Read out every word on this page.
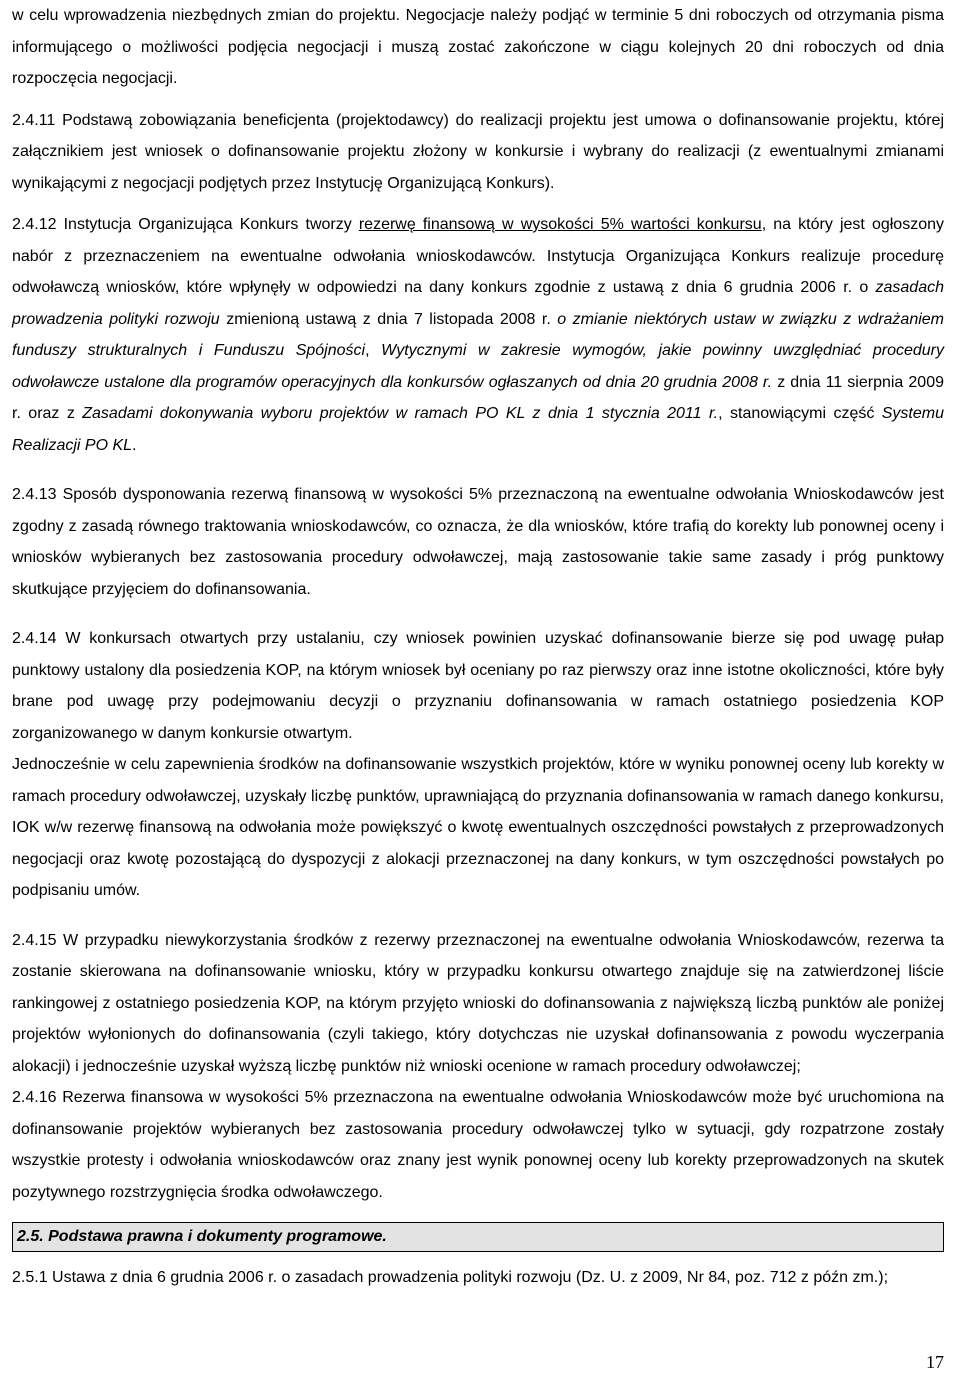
w celu wprowadzenia niezbędnych zmian do projektu. Negocjacje należy podjąć w terminie 5 dni roboczych od otrzymania pisma informującego o możliwości podjęcia negocjacji i muszą zostać zakończone w ciągu kolejnych 20 dni roboczych od dnia rozpoczęcia negocjacji.

2.4.11 Podstawą zobowiązania beneficjenta (projektodawcy) do realizacji projektu jest umowa o dofinansowanie projektu, której załącznikiem jest wniosek o dofinansowanie projektu złożony w konkursie i wybrany do realizacji (z ewentualnymi zmianami wynikającymi z negocjacji podjętych przez Instytucję Organizującą Konkurs).

2.4.12 Instytucja Organizująca Konkurs tworzy rezerwę finansową w wysokości 5% wartości konkursu, na który jest ogłoszony nabór z przeznaczeniem na ewentualne odwołania wnioskodawców. Instytucja Organizująca Konkurs realizuje procedurę odwoławczą wniosków, które wpłynęły w odpowiedzi na dany konkurs zgodnie z ustawą z dnia 6 grudnia 2006 r. o zasadach prowadzenia polityki rozwoju zmienioną ustawą z dnia 7 listopada 2008 r. o zmianie niektórych ustaw w związku z wdrażaniem funduszy strukturalnych i Funduszu Spójności, Wytycznymi w zakresie wymogów, jakie powinny uwzględniać procedury odwoławcze ustalone dla programów operacyjnych dla konkursów ogłaszanych od dnia 20 grudnia 2008 r. z dnia 11 sierpnia 2009 r. oraz z Zasadami dokonywania wyboru projektów w ramach PO KL z dnia 1 stycznia 2011 r., stanowiącymi część Systemu Realizacji PO KL.

2.4.13 Sposób dysponowania rezerwą finansową w wysokości 5% przeznaczoną na ewentualne odwołania Wnioskodawców jest zgodny z zasadą równego traktowania wnioskodawców, co oznacza, że dla wniosków, które trafią do korekty lub ponownej oceny i wniosków wybieranych bez zastosowania procedury odwoławczej, mają zastosowanie takie same zasady i próg punktowy skutkujące przyjęciem do dofinansowania.

2.4.14 W konkursach otwartych przy ustalaniu, czy wniosek powinien uzyskać dofinansowanie bierze się pod uwagę pułap punktowy ustalony dla posiedzenia KOP, na którym wniosek był oceniany po raz pierwszy oraz inne istotne okoliczności, które były brane pod uwagę przy podejmowaniu decyzji o przyznaniu dofinansowania w ramach ostatniego posiedzenia KOP zorganizowanego w danym konkursie otwartym.

Jednocześnie w celu zapewnienia środków na dofinansowanie wszystkich projektów, które w wyniku ponownej oceny lub korekty w ramach procedury odwoławczej, uzyskały liczbę punktów, uprawniającą do przyznania dofinansowania w ramach danego konkursu, IOK w/w rezerwę finansową na odwołania może powiększyć o kwotę ewentualnych oszczędności powstałych z przeprowadzonych negocjacji oraz kwotę pozostającą do dyspozycji z alokacji przeznaczonej na dany konkurs, w tym oszczędności powstałych po podpisaniu umów.

2.4.15 W przypadku niewykorzystania środków z rezerwy przeznaczonej na ewentualne odwołania Wnioskodawców, rezerwa ta zostanie skierowana na dofinansowanie wniosku, który w przypadku konkursu otwartego znajduje się na zatwierdzonej liście rankingowej z ostatniego posiedzenia KOP, na którym przyjęto wnioski do dofinansowania z największą liczbą punktów ale poniżej projektów wyłonionych do dofinansowania (czyli takiego, który dotychczas nie uzyskał dofinansowania z powodu wyczerpania alokacji) i jednocześnie uzyskał wyższą liczbę punktów niż wnioski ocenione w ramach procedury odwoławczej;

2.4.16 Rezerwa finansowa w wysokości 5% przeznaczona na ewentualne odwołania Wnioskodawców może być uruchomiona na dofinansowanie projektów wybieranych bez zastosowania procedury odwoławczej tylko w sytuacji, gdy rozpatrzone zostały wszystkie protesty i odwołania wnioskodawców oraz znany jest wynik ponownej oceny lub korekty przeprowadzonych na skutek pozytywnego rozstrzygnięcia środka odwoławczego.

2.5. Podstawa prawna i dokumenty programowe.

2.5.1 Ustawa z dnia 6 grudnia 2006 r. o zasadach prowadzenia polityki rozwoju (Dz. U. z 2009, Nr 84, poz. 712 z późn zm.);

17
